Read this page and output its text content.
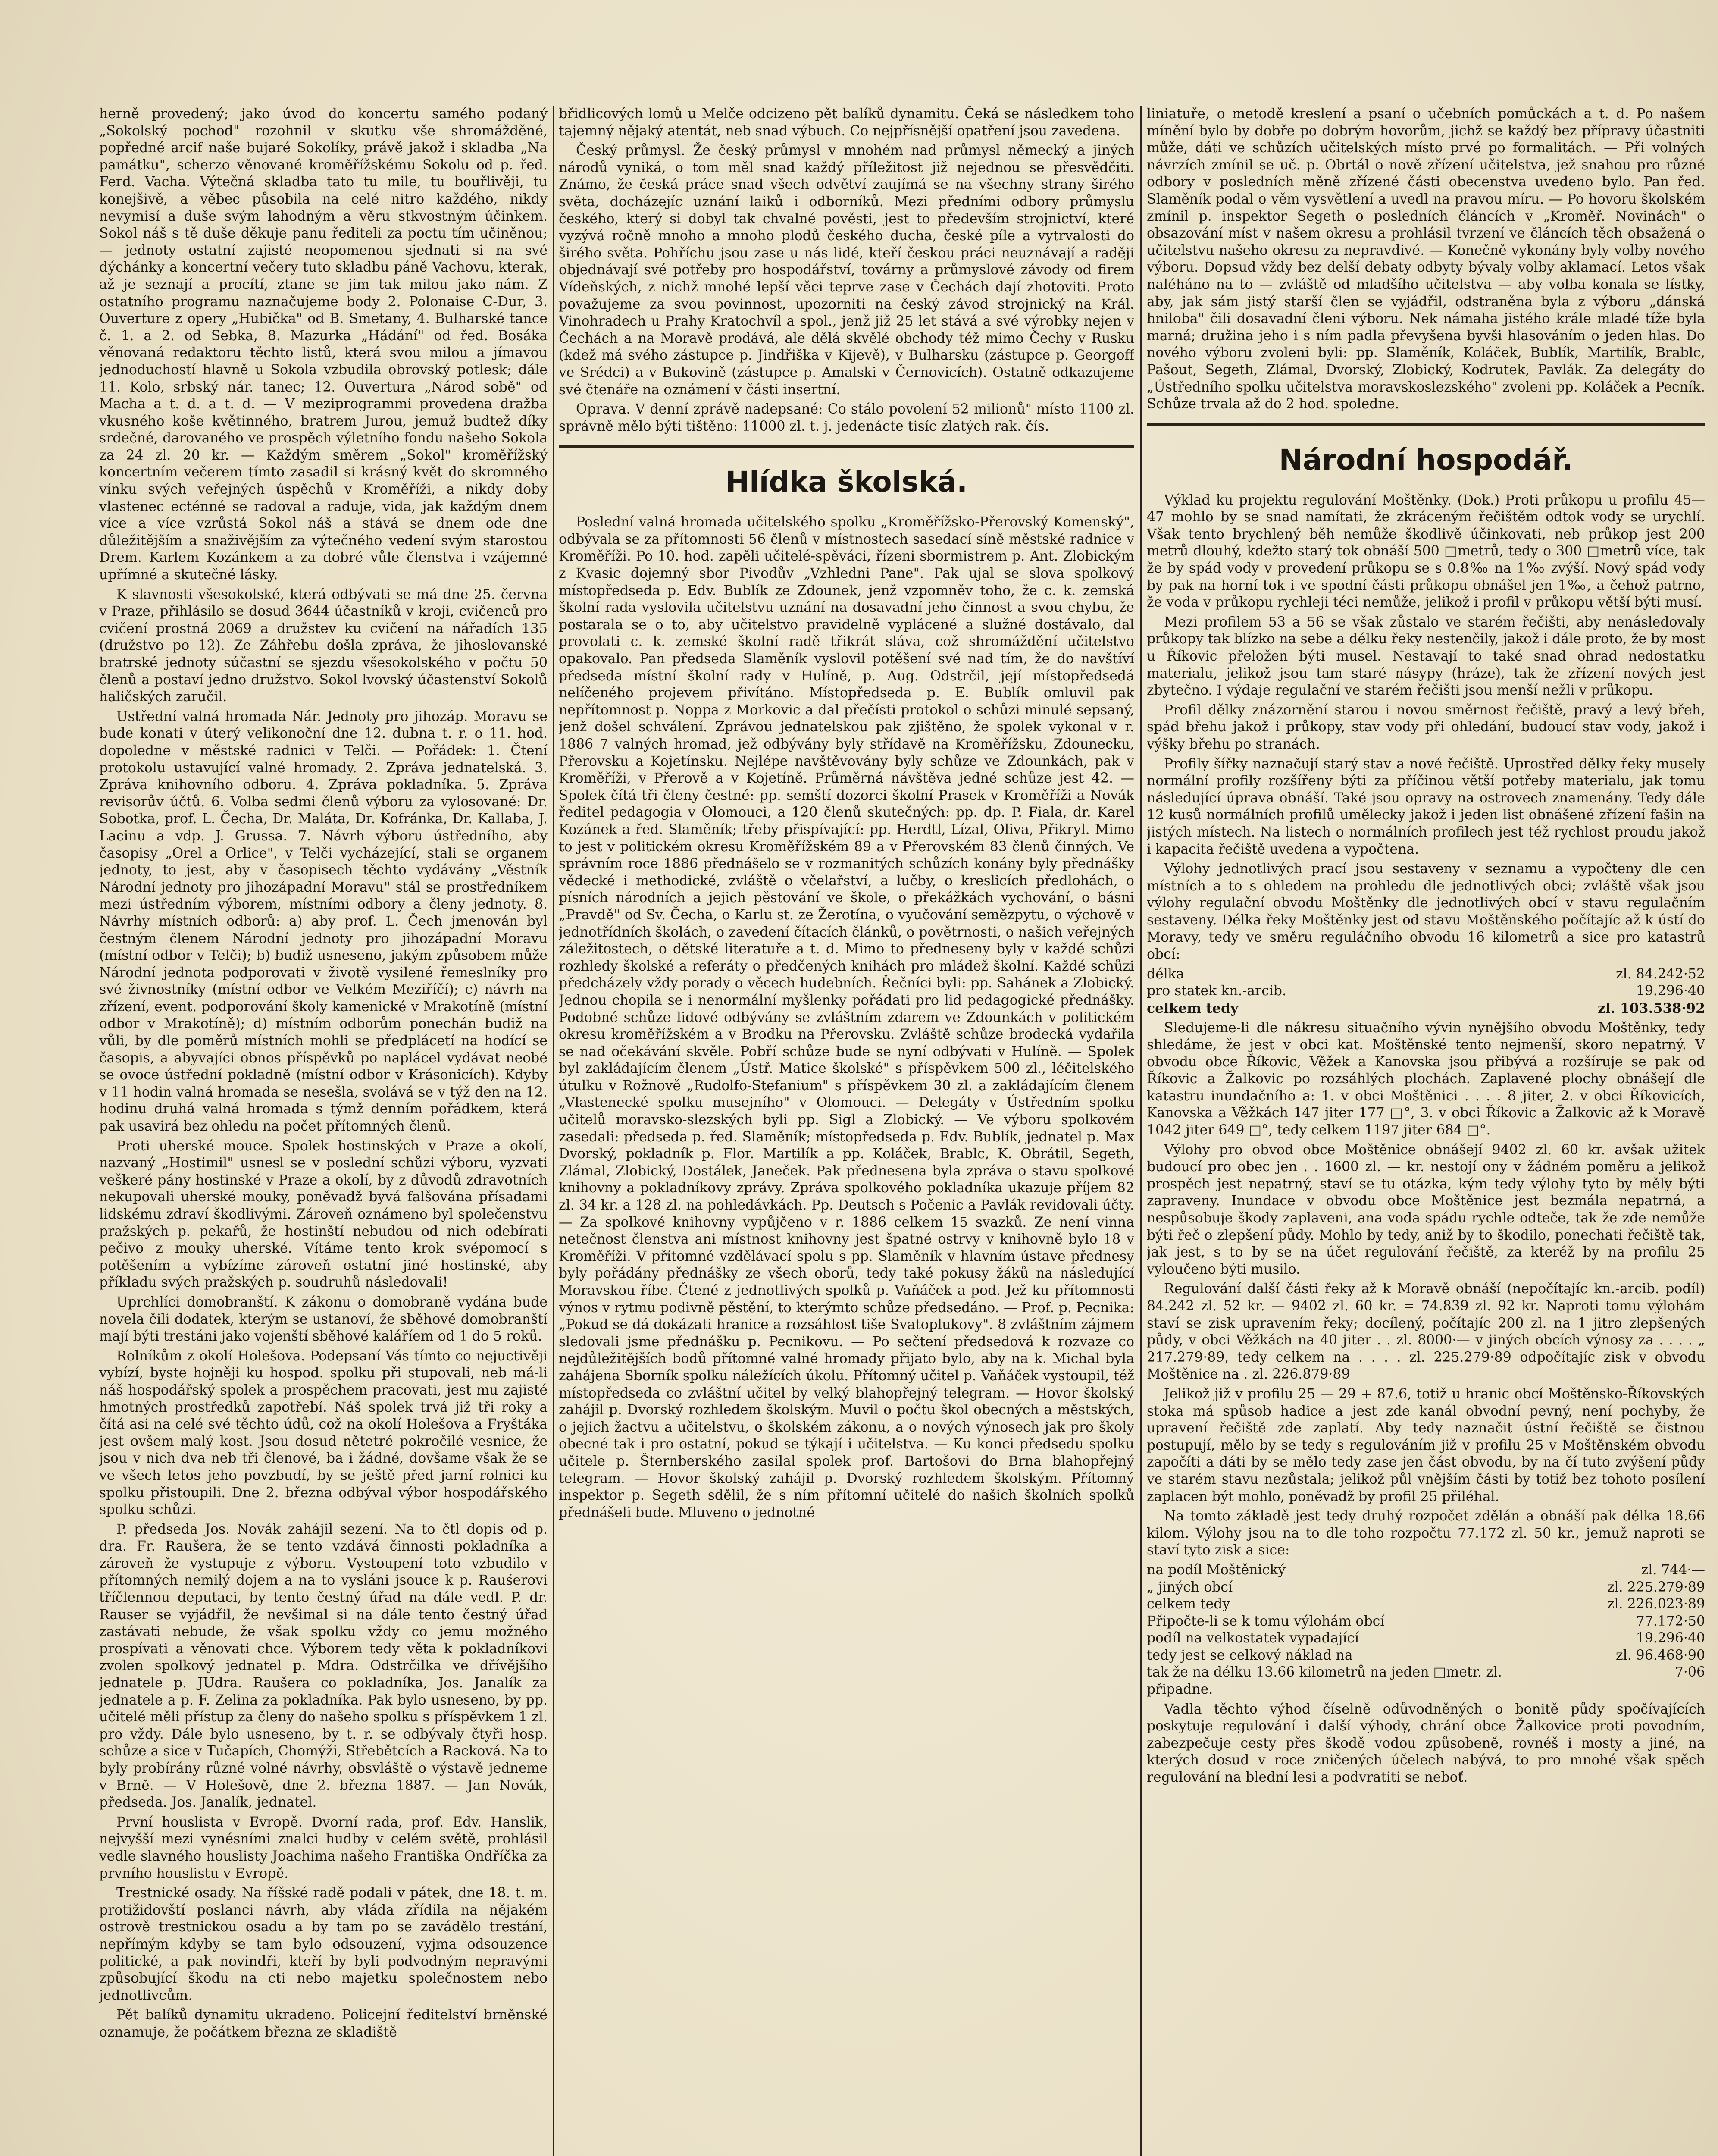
herně provedený; jako úvod do koncertu samého podaný „Sokolský pochod" rozohnil v skutku vše shromážděné, popředné arcif naše bujaré Sokolíky, právě jakož i skladba „Na památku", scherzo věnované kroměřížskému Sokolu od p. řed. Ferd. Vacha. Výtečná skladba tato tu mile, tu bouřlivěji, tu konejšivě, a věbec působila na celé nitro každého, nikdy nevymisí a duše svým lahodným a věru stkvostným účinkem. Sokol náš s tě duše děkuje panu řediteli za poctu tím učiněnou; — jednoty ostatní zajisté neopomenou sjednati si na své dýchánky a koncertní večery tuto skladbu páně Vachovu, kterak, až je seznají a procítí, ztane se jim tak milou jako nám. Z ostatního programu naznačujeme body 2. Polonaise C-Dur, 3. Ouverture z opery „Hubička" od B. Smetany, 4. Bulharské tance č. 1. a 2. od Sebka, 8. Mazurka „Hádání" od řed. Bosáka věnovaná redaktoru těchto listů, která svou milou a jímavou jednoduchostí hlavně u Sokola vzbudila obrovský potlesk; dále 11. Kolo, srbský nár. tanec; 12. Ouvertura „Národ sobě" od Macha a t. d. a t. d. — V meziprogrammi provedena dražba vkusného koše květinného, bratrem Jurou, jemuž budtež díky srdečné, darovaného ve prospěch výletního fondu našeho Sokola za 24 zl. 20 kr. — Každým směrem „Sokol" kroměřížský koncertním večerem tímto zasadil si krásný květ do skromného vínku svých veřejných úspěchů v Kroměříži, a nikdy doby vlastenec ecténné se radoval a raduje, vida, jak každým dnem více a více vzrůstá Sokol náš a stává se dnem ode dne důležitějším a snaživějším za výtečného vedení svým starostou Drem. Karlem Kozánkem a za dobré vůle členstva i vzájemné upřímné a skutečné lásky.

K slavnosti všesokolské, která odbývati se má dne 25. června v Praze, přihlásilo se dosud 3644 účastníků v kroji, cvičenců pro cvičení prostná 2069 a družstev ku cvičení na nářadích 135 (družstvo po 12). Ze Záhřebu došla zpráva, že jihoslovanské bratrské jednoty súčastní se sjezdu všesokolského v počtu 50 členů a postaví jedno družstvo. Sokol lvovský účastenství Sokolů haličských zaručil.

Ustřední valná hromada Nár. Jednoty pro jihozáp. Moravu se bude konati v úterý velikonoční dne 12. dubna t. r. o 11. hod. dopoledne v městské radnici v Telči. — Pořádek: 1. Čtení protokolu ustavující valné hromady. 2. Zpráva jednatelská. 3. Zpráva knihovního odboru. 4. Zpráva pokladníka. 5. Zpráva revisorův účtů. 6. Volba sedmi členů výboru za vylosované: Dr. Sobotka, prof. L. Čecha, Dr. Maláta, Dr. Kofránka, Dr. Kallaba, J. Lacinu a vdp. J. Grussa. 7. Návrh výboru ústředního, aby časopisy „Orel a Orlice", v Telči vycházející, stali se organem jednoty, to jest, aby v časopisech těchto vydávány „Věstník Národní jednoty pro jihozápadní Moravu" stál se prostředníkem mezi ústředním výborem, místními odbory a členy jednoty. 8. Návrhy místních odborů: a) aby prof. L. Čech jmenován byl čestným členem Národní jednoty pro jihozápadní Moravu (místní odbor v Telči); b) budiž usneseno, jakým způsobem může Národní jednota podporovati v životě vysilené řemeslníky pro své živnostníky (místní odbor ve Velkém Meziříčí); c) návrh na zřízení, event. podporování školy kamenické v Mrakotíně (místní odbor v Mrakotíně); d) místním odborům ponechán budiž na vůli, by dle poměrů místních mohli se předplácetí na hodící se časopis, a abyvajíci obnos příspěvků po naplácel vydávat neobé se ovoce ústřední pokladně (místní odbor v Krásonicích). Kdyby v 11 hodin valná hromada se nesešla, svolává se v týž den na 12. hodinu druhá valná hromada s týmž denním pořádkem, která pak usavirá bez ohledu na počet přítomných členů.

Proti uherské mouce. Spolek hostinských v Praze a okolí, nazvaný „Hostimil" usnesl se v poslední schůzi výboru, vyzvati veškeré pány hostinské v Praze a okolí, by z důvodů zdravotních nekupovali uherské mouky, poněvadž byvá falšována přísadami lidskému zdraví škodlivými. Zároveň oznámeno byl společenstvu pražských p. pekařů, že hostinští nebudou od nich odebírati pečivo z mouky uherské. Vítáme tento krok svépomocí s potěšením a vybízíme zároveň ostatní jiné hostinské, aby příkladu svých pražských p. soudruhů následovali!

Uprchlíci domobranští. K zákonu o domobraně vydána bude novela čili dodatek, kterým se ustanoví, že sběhové domobranští mají býti trestáni jako vojenští sběhové kaláříem od 1 do 5 roků.

Rolníkům z okolí Holešova. Podepsaní Vás tímto co nejuctivěji vybízí, byste hojněji ku hospod. spolku při stupovali, neb má-li náš hospodářský spolek a prospěchem pracovati, jest mu zajisté hmotných prostředků zapotřebí. Náš spolek trvá již tři roky a čítá asi na celé své těchto údů, což na okolí Holešova a Fryštáka jest ovšem malý kost. Jsou dosud nětetré pokročilé vesnice, že jsou v nich dva neb tři členové, ba i žádné, dovšame však že se ve všech letos jeho povzbudí, by se ještě před jarní rolnici ku spolku přistoupili. Dne 2. března odbýval výbor hospodářského spolku schůzi.

P. předseda Jos. Novák zahájil sezení. Na to čtl dopis od p. dra. Fr. Raušera, že se tento vzdává činnosti pokladníka a zároveň že vystupuje z výboru. Vystoupení toto vzbudilo v přítomných nemilý dojem a na to vysláni jsouce k p. Rauśerovi tříčlennou deputaci, by tento čestný úřad na dále vedl. P. dr. Rauser se vyjádřil, že nevšimal si na dále tento čestný úřad zastávati nebude, že však spolku vždy co jemu možného prospívati a věnovati chce. Výborem tedy věta k pokladníkovi zvolen spolkový jednatel p. Mdra. Odstrčilka ve dřívějšího jednatele p. JUdra. Raušera co pokladníka, Jos. Janalík za jednatele a p. F. Zelina za pokladníka. Pak bylo usneseno, by pp. učitelé měli přístup za členy do našeho spolku s příspěvkem 1 zl. pro vždy. Dále bylo usneseno, by t. r. se odbývaly čtyři hosp. schůze a sice v Tučapích, Chomýži, Střebětcích a Racková. Na to byly probírány různé volné návrhy, obsvláště o výstavě jedneme v Brně. — V Holešově, dne 2. března 1887. — Jan Novák, předseda. Jos. Janalík, jednatel.

První houslista v Evropě. Dvorní rada, prof. Edv. Hanslik, nejvyšší mezi vynésními znalci hudby v celém světě, prohlásil vedle slavného houslisty Joachima našeho Františka Ondříčka za prvního houslistu v Evropě.

Trestnické osady. Na říšské radě podali v pátek, dne 18. t. m. protižidovští poslanci návrh, aby vláda zřídila na nějakém ostrově trestnickou osadu a by tam po se zavádělo trestání, nepřímým kdyby se tam bylo odsouzení, vyjma odsouzence politické, a pak novindři, kteří by byli podvodným nepravými způsobující škodu na cti nebo majetku společnostem nebo jednotlivcům.

Pět balíků dynamitu ukradeno. Policejní ředitelství brněnské oznamuje, že počátkem března ze skladiště

břidlicových lomů u Melče odcizeno pět balíků dynamitu. Čeká se následkem toho tajemný nějaký atentát, neb snad výbuch. Co nejpřísnější opatření jsou zavedena.

Český průmysl. Že český průmysl v mnohém nad průmysl německý a jiných národů vyniká, o tom měl snad každý příležitost již nejednou se přesvědčiti. Známo, že česká práce snad všech odvětví zaujímá se na všechny strany širého světa, docházejíc uznání laiků i odborníků. Mezi předními odbory průmyslu českého, který si dobyl tak chvalné pověsti, jest to především strojnictví, které vyzývá ročně mnoho a mnoho plodů českého ducha, české píle a vytrvalosti do širého světa. Pohříchu jsou zase u nás lidé, kteří českou práci neuznávají a raději objednávají své potřeby pro hospodářství, továrny a průmyslové závody od firem Vídeňských, z nichž mnohé lepší věci teprve zase v Čechách dají zhotoviti. Proto považujeme za svou povinnost, upozorniti na český závod strojnický na Král. Vinohradech u Prahy Kratochvíl a spol., jenž již 25 let stává a své výrobky nejen v Čechách a na Moravě prodává, ale dělá skvělé obchody též mimo Čechy v Rusku (kdež má svého zástupce p. Jindřiška v Kijevě), v Bulharsku (zástupce p. Georgoff ve Srédci) a v Bukovině (zástupce p. Amalski v Černovicích). Ostatně odkazujeme své čtenáře na oznámení v části insertní.

Oprava. V denní zprávě nadepsané: Co stálo povolení 52 milionů" místo 1100 zl. správně mělo býti tištěno: 11000 zl. t. j. jedenácte tisíc zlatých rak. čís.

Hlídka školská.

Poslední valná hromada učitelského spolku „Kroměřížsko-Přerovský Komenský", odbývala se za přítomnosti 56 členů v místnostech sasedací síně městské radnice v Kroměříži. Po 10. hod. zapěli učitelé-spěváci, řízeni sbormistrem p. Ant. Zlobickým z Kvasic dojemný sbor Pivodův „Vzhledni Pane". Pak ujal se slova spolkový místopředseda p. Edv. Bublík ze Zdounek, jenž vzpomněv toho, že c. k. zemská školní rada vyslovila učitelstvu uznání na dosavadní jeho činnost a svou chybu, že postarala se o to, aby učitelstvo pravidelně vyplácené a služné dostávalo, dal provolati c. k. zemské školní radě třikrát sláva, což shromáždění učitelstvo opakovalo. Pan předseda Slaměník vyslovil potěšení své nad tím, že do navštíví předseda místní školní rady v Hulíně, p. Aug. Odstrčil, její místopředsedá nelíčeného projevem přivítáno. Místopředseda p. E. Bublík omluvil pak nepřítomnost p. Noppa z Morkovic a dal přečísti protokol o schůzi minulé sepsaný, jenž došel schválení. Zprávou jednatelskou pak zjištěno, že spolek vykonal v r. 1886 7 valných hromad, jež odbývány byly střídavě na Kroměřížsku, Zdounecku, Přerovsku a Kojetínsku. Nejlépe navštěvovány byly schůze ve Zdounkách, pak v Kroměříži, v Přerově a v Kojetíně. Průměrná návštěva jedné schůze jest 42. — Spolek čítá tři členy čestné: pp. semští dozorci školní Prasek v Kroměříži a Novák ředitel pedagogia v Olomouci, a 120 členů skutečných: pp. dp. P. Fiala, dr. Karel Kozánek a řed. Slaměník; třeby přispívající: pp. Herdtl, Lízal, Oliva, Přikryl. Mimo to jest v politickém okresu Kroměřížském 89 a v Přerovském 83 členů činných. Ve správním roce 1886 přednášelo se v rozmanitých schůzích konány byly přednášky vědecké i methodické, zvláště o včelařství, a lučby, o kreslicích předlohách, o písních národních a jejich pěstování ve škole, o překážkách vychování, o básni „Pravdě" od Sv. Čecha, o Karlu st. ze Žerotína, o vyučování semězpytu, o výchově v jednotřídních školách, o zavedení čítacích článků, o povětrnosti, o našich veřejných záležitostech, o dětské literatuře a t. d. Mimo to předneseny byly v každé schůzi rozhledy školské a referáty o předčených knihách pro mládež školní. Každé schůzi předcházely vždy porady o věcech hudebních. Řečníci byli: pp. Sahánek a Zlobický. Jednou chopila se i nenormální myšlenky pořádati pro lid pedagogické přednášky. Podobné schůze lidové odbývány se zvláštním zdarem ve Zdounkách v politickém okresu kroměřížském a v Brodku na Přerovsku. Zvláště schůze brodecká vydařila se nad očekávání skvěle. Pobří schůze bude se nyní odbývati v Hulíně. — Spolek byl zakládajícím členem „Ústř. Matice školské" s příspěvkem 500 zl., léčitelského útulku v Rožnově „Rudolfo-Stefanium" s příspěvkem 30 zl. a zakládajícím členem „Vlastenecké spolku musejního" v Olomouci. — Delegáty v Ústředním spolku učitelů moravsko-slezských byli pp. Sigl a Zlobický. — Ve výboru spolkovém zasedali: předseda p. řed. Slaměník; místopředseda p. Edv. Bublík, jednatel p. Max Dvorský, pokladník p. Flor. Martilík a pp. Koláček, Brablc, K. Obrátil, Segeth, Zlámal, Zlobický, Dostálek, Janeček. Pak přednesena byla zpráva o stavu spolkové knihovny a pokladníkovy zprávy. Zpráva spolkového pokladníka ukazuje příjem 82 zl. 34 kr. a 128 zl. na pohledávkách. Pp. Deutsch s Počenic a Pavlák revidovali účty. — Za spolkové knihovny vypůjčeno v r. 1886 celkem 15 svazků. Ze není vinna netečnost členstva ani místnost knihovny jest špatné ostrvy v knihovně bylo 18 v Kroměříži. V přítomné vzdělávací spolu s pp. Slaměník v hlavním ústave přednesy byly pořádány přednášky ze všech oborů, tedy také pokusy žáků na následující Moravskou říbe. Čtené z jednotlivých spolků p. Vaňáček a pod. Jež ku přítomnosti výnos v rytmu podivně pěstění, to kterýmto schůze předsedáno. — Prof. p. Pecnika: „Pokud se dá dokázati hranice a rozsáhlost tiše Svatoplukovy". 8 zvláštním zájmem sledovali jsme přednášku p. Pecnikovu. — Po sečtení předsedová k rozvaze co nejdůležitějších bodů přítomné valné hromady přijato bylo, aby na k. Michal byla zahájena Sborník spolku náležících úkolu. Přítomný učitel p. Vaňáček vystoupil, též místopředseda co zvláštní učitel by velký blahopřejný telegram. — Hovor školský zahájil p. Dvorský rozhledem školským. Muvil o počtu škol obecných a městských, o jejich žactvu a učitelstvu, o školském zákonu, a o nových výnosech jak pro školy obecné tak i pro ostatní, pokud se týkají i učitelstva. — Ku konci předsedu spolku učitele p. Šternberského zasilal spolek prof. Bartošovi do Brna blahopřejný telegram. — Hovor školský zahájil p. Dvorský rozhledem školským. Přítomný inspektor p. Segeth sdělil, že s ním přítomní učitelé do našich školních spolků přednášeli bude. Mluveno o jednotné

liniatuře, o metodě kreslení a psaní o učebních pomůckách a t. d. Po našem mínění bylo by dobře po dobrým hovorům, jichž se každý bez přípravy účastniti může, dáti ve schůzích učitelských místo prvé po formalitách. — Při volných návrzích zmínil se uč. p. Obrtál o nově zřízení učitelstva, jež snahou pro různé odbory v posledních měně zřízené části obecenstva uvedeno bylo. Pan řed. Slaměník podal o věm vysvětlení a uvedl na pravou míru. — Po hovoru školském zmínil p. inspektor Segeth o posledních článcích v „Kroměř. Novinách" o obsazování míst v našem okresu a prohlásil tvrzení ve článcích těch obsažená o učitelstvu našeho okresu za nepravdivé. — Konečně vykonány byly volby nového výboru. Dopsud vždy bez delší debaty odbyty bývaly volby aklamací. Letos však naléháno na to — zvláště od mladšího učitelstva — aby volba konala se lístky, aby, jak sám jistý starší člen se vyjádřil, odstraněna byla z výboru „dánská hniloba" čili dosavadní členi výboru. Nek námaha jistého krále mladé tíže byla marná; družina jeho i s ním padla převyšena byvši hlasováním o jeden hlas. Do nového výboru zvoleni byli: pp. Slaměník, Koláček, Bublík, Martilík, Brablc, Pašout, Segeth, Zlámal, Dvorský, Zlobický, Kodrutek, Pavlák. Za delegáty do „Ústředního spolku učitelstva moravskoslezského" zvoleni pp. Koláček a Pecník. Schůze trvala až do 2 hod. spoledne.

Národní hospodář.

Výklad ku projektu regulování Moštěnky. (Dok.) Proti průkopu u profilu 45—47 mohlo by se snad namítati, že zkráceným řečištěm odtok vody se urychlí. Však tento brychlený běh nemůže škodlivě účinkovati, neb průkop jest 200 metrů dlouhý, kdežto starý tok obnáší 500 □metrů, tedy o 300 □metrů více, tak že by spád vody v provedení průkopu se s 0.8‰ na 1‰ zvýší. Nový spád vody by pak na horní tok i ve spodní části průkopu obnášel jen 1‰, a čehož patrno, že voda v průkopu rychleji téci nemůže, jelikož i profil v průkopu větší býti musí.

Mezi profilem 53 a 56 se však zůstalo ve starém řečišti, aby nenásledovaly průkopy tak blízko na sebe a délku řeky nestenčily, jakož i dále proto, že by most u Říkovic přeložen býti musel. Nestavají to také snad ohrad nedostatku materialu, jelikož jsou tam staré násypy (hráze), tak že zřízení nových jest zbytečno. I výdaje regulační ve starém řečišti jsou menší nežli v průkopu.

Profil dělky znázornění starou i novou směrnost řečiště, pravý a levý břeh, spád břehu jakož i průkopy, stav vody při ohledání, budoucí stav vody, jakož i výšky břehu po stranách.

Profily šířky naznačují starý stav a nové řečiště. Uprostřed dělky řeky musely normální profily rozšířeny býti za příčinou větší potřeby materialu, jak tomu následující úprava obnáší. Také jsou opravy na ostrovech znamenány. Tedy dále 12 kusů normálních profilů umělecky jakož i jeden list obnášené zřízení fašin na jistých místech. Na listech o normálních profilech jest též rychlost proudu jakož i kapacita řečiště uvedena a vypočtena.

Výlohy jednotlivých prací jsou sestaveny v seznamu a vypočteny dle cen místních a to s ohledem na prohledu dle jednotlivých obci; zvláště však jsou výlohy regulační obvodu Moštěnky dle jednotlivých obcí v stavu regulačním sestaveny. Délka řeky Moštěnky jest od stavu Moštěnského počítajíc až k ústí do Moravy, tedy ve směru reguláčního obvodu 16 kilometrů a sice pro katastrů obcí:

délka	zl. 84.242·52
pro statek kn.-arcib.	19.296·40
celkem tedy	zl. 103.538·92

Sledujeme-li dle nákresu situačního vývin nynějšího obvodu Moštěnky, tedy shledáme, že jest v obci kat. Moštěnské tento nejmenší, skoro nepatrný. V obvodu obce Říkovic, Věžek a Kanovska jsou přibývá a rozšíruje se pak od Říkovic a Žalkovic po rozsáhlých plochách. Zaplavené plochy obnášejí dle katastru inundačního a: 1. v obci Moštěnici . . . . 8 jiter, 2. v obci Říkovicích, Kanovska a Věžkách 147 jiter 177 □°, 3. v obci Říkovic a Žalkovic až k Moravě 1042 jiter 649 □°, tedy celkem 1197 jiter 684 □°.

Výlohy pro obvod obce Moštěnice obnášejí 9402 zl. 60 kr. avšak užitek budoucí pro obec jen . . 1600 zl. — kr. nestojí ony v žádném poměru a jelikož prospěch jest nepatrný, staví se tu otázka, kým tedy výlohy tyto by měly býti zapraveny. Inundace v obvodu obce Moštěnice jest bezmála nepatrná, a nespůsobuje škody zaplaveni, ana voda spádu rychle odteče, tak že zde nemůže býti řeč o zlepšení půdy. Mohlo by tedy, aniž by to škodilo, ponechati řečiště tak, jak jest, s to by se na účet regulování řečiště, za kteréž by na profilu 25 vyloučeno býti musilo.

Regulování další části řeky až k Moravě obnáší (nepočítajíc kn.-arcib. podíl) 84.242 zl. 52 kr. — 9402 zl. 60 kr. = 74.839 zl. 92 kr. Naproti tomu výlohám staví se zisk upravením řeky; docílený, počítajíc 200 zl. na 1 jitro zlepšených půdy, v obci Věžkách na 40 jiter . . zl. 8000·— v jiných obcích výnosy za . . . . „ 217.279·89, tedy celkem na . . . . zl. 225.279·89 odpočítajíc zisk v obvodu Moštěnice na . zl. 226.879·89

Jelikož již v profilu 25 — 29 + 87.6, totiž u hranic obcí Moštěnsko-Říkovských stoka má spůsob hadice a jest zde kanál obvodní pevný, není pochyby, že upravení řečiště zde zaplatí. Aby tedy naznačit ústní řečiště se čistnou postupují, mělo by se tedy s regulováním již v profilu 25 v Moštěnském obvodu započíti a dáti by se mělo tedy zase jen část obvodu, by na čí tuto zvýšení půdy ve starém stavu nezůstala; jelikož půl vnějším části by totiž bez tohoto posílení zaplacen být mohlo, poněvadž by profil 25 přiléhal.

Na tomto základě jest tedy druhý rozpočet zdělán a obnáší pak délka 18.66 kilom. Výlohy jsou na to dle toho rozpočtu 77.172 zl. 50 kr., jemuž naproti se staví tyto zisk a sice:

na podíl Moštěnický	zl. 744·—
„ jiných obcí	zl. 225.279·89
celkem tedy	zl. 226.023·89
Připočte-li se k tomu výlohám obcí	77.172·50
podíl na velkostatek vypadající	19.296·40
tedy jest se celkový náklad na	zl. 96.468·90
tak že na délku 13.66 kilometrů na jeden □metr. zl.	7·06
připadne.

Vadla těchto výhod číselně odůvodněných o bonitě půdy spočívajících poskytuje regulování i další výhody, chrání obce Žalkovice proti povodním, zabezpečuje cesty přes škodě vodou způsobeně, rovnéš i mosty a jiné, na kterých dosud v roce zničených účelech nabývá, to pro mnohé však spěch regulování na blední lesi a podvratiti se neboť.
